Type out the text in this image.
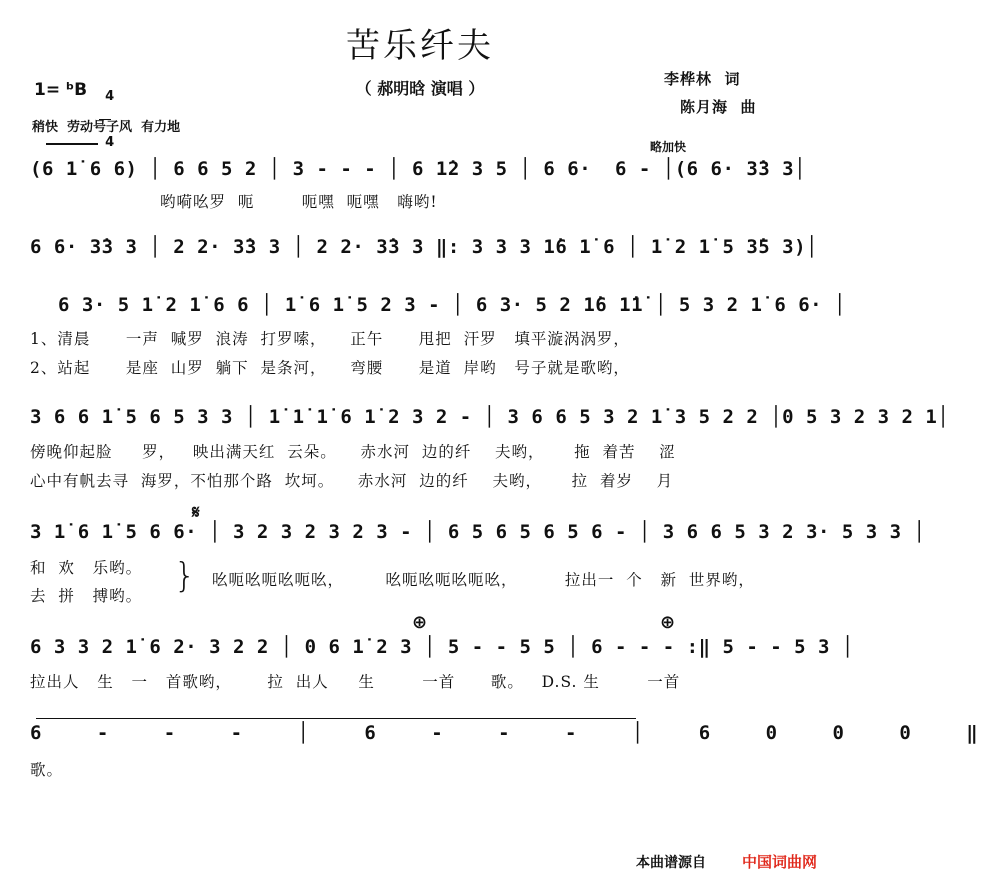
苦乐纤夫
（ 郝明晗 演唱 ）
1= ᵇB	4

4

稍快  劳动号子风  有力地
李桦林  词
陈月海  曲
略加快
(6 1̇ 6 6) │ 6 6 5 2 │ 3 - - - │ 6 1̇2 3 5 │ 6 6·  6 - │(6 6· 3̇3 3│
哟嗬吆罗  呃        呃嘿  呃嘿   嗨哟!
6 6· 3̇3 3 │ 2 2· 3̇3 3 │ 2 2· 3̇3 3 ‖: 3 3 3 1̇6 1̇ 6 │ 1̇ 2 1̇ 5 3̇5 3)│
6 3· 5 1̇ 2 1̇ 6 6 │ 1̇ 6 1̇ 5 2 3 - │ 6 3· 5 2 1̇6 1̇1̇ │ 5 3 2 1̇ 6 6· │
1、清晨      一声  喊罗  浪涛  打罗嗦，    正午      甩把  汗罗   填平漩涡涡罗，
2、站起      是座  山罗  躺下  是条河，    弯腰      是道  岸哟   号子就是歌哟，
3 6 6 1̇ 5 6 5 3 3 │ 1̇ 1̇ 1̇ 6 1̇ 2 3 2 - │ 3 6 6 5 3 2 1̇ 3 5 2 2 │0 5 3 2 3 2 1│
傍晚仰起脸     罗，   映出满天红  云朵。    赤水河  边的纤    夫哟，     拖  着苦    涩
心中有帆去寻  海罗，不怕那个路  坎坷。    赤水河  边的纤    夫哟，     拉  着岁    月
𝄋
3 1̇ 6 1̇ 5 6 6· │ 3 2 3 2 3 2 3 - │ 6 5 6 5 6 5 6 - │ 3 6 6 5 3 2 3· 5 3 3 │
和  欢   乐哟。
去  拼   搏哟。 } 吆呃吆呃吆呃吆，       吆呃吆呃吆呃吆，        拉出一  个   新  世界哟，
⊕	⊕
6 3 3 2 1̇ 6 2· 3 2 2 │ 0 6 1̇ 2 3 │ 5 - - 5 5 │ 6 - - - :‖ 5 - - 5 3 │
拉出人   生   一   首歌哟，      拉  出人     生        一首      歌。   D.S. 生        一首
6 - - - │ 6 - - - │ 6 0 0 0 ‖
歌。
本曲谱源自 中国词曲网
